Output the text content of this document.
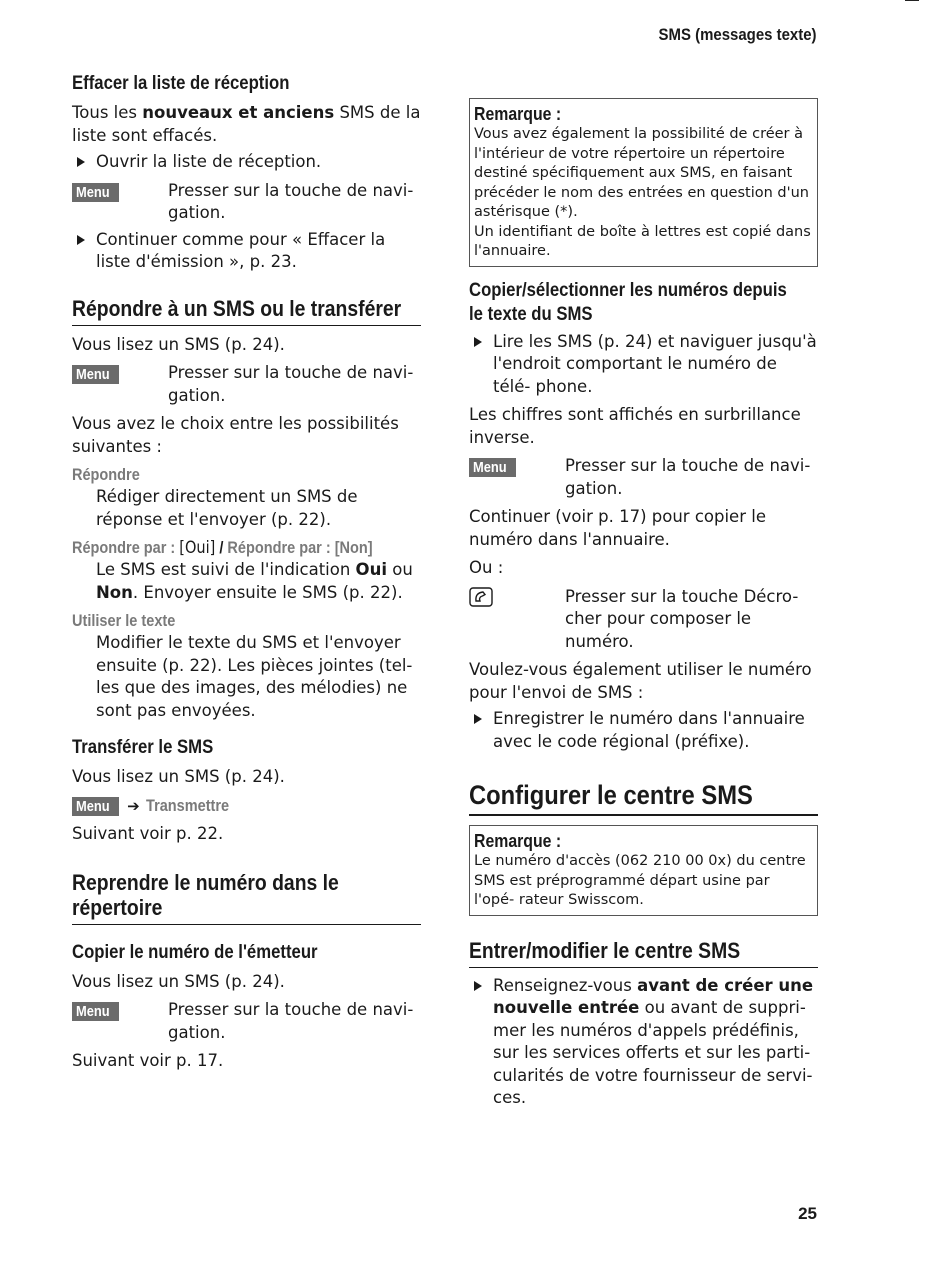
SMS (messages texte)
Effacer la liste de réception

Tous les nouveaux et anciens SMS de la liste sont effacés.

Ouvrir la liste de réception.
Menu	Presser sur la touche de navi- gation.
Continuer comme pour « Effacer la liste d'émission », p. 23.
Répondre à un SMS ou le transférer

Vous lisez un SMS (p. 24).

Menu	Presser sur la touche de navi- gation.

Vous avez le choix entre les possibilités suivantes :

Répondre

Rédiger directement un SMS de réponse et l'envoyer (p. 22).

Répondre par : [Oui] / Répondre par : [Non]

Le SMS est suivi de l'indication Oui ou Non. Envoyer ensuite le SMS (p. 22).

Utiliser le texte

Modifier le texte du SMS et l'envoyer ensuite (p. 22). Les pièces jointes (tel- les que des images, des mélodies) ne sont pas envoyées.

Transférer le SMS

Vous lisez un SMS (p. 24).

Menu ➔ Transmettre

Suivant voir p. 22.

Reprendre le numéro dans le répertoire
Copier le numéro de l'émetteur

Vous lisez un SMS (p. 24).

Menu	Presser sur la touche de navi- gation.

Suivant voir p. 17.

Remarque :

Vous avez également la possibilité de créer à l'intérieur de votre répertoire un répertoire destiné spécifiquement aux SMS, en faisant précéder le nom des entrées en question d'un astérisque (*).

Un identifiant de boîte à lettres est copié dans l'annuaire.

Copier/sélectionner les numéros depuis
le texte du SMS
Lire les SMS (p. 24) et naviguer jusqu'à l'endroit comportant le numéro de télé- phone.

Les chiffres sont affichés en surbrillance inverse.

Menu	Presser sur la touche de navi- gation.

Continuer (voir p. 17) pour copier le numéro dans l'annuaire.

Ou :

Presser sur la touche Décro- cher pour composer le numéro.

Voulez-vous également utiliser le numéro pour l'envoi de SMS :

Enregistrer le numéro dans l'annuaire avec le code régional (préfixe).
Configurer le centre SMS
Remarque :

Le numéro d'accès (062 210 00 0x) du centre SMS est préprogrammé départ usine par l'opé- rateur Swisscom.

Entrer/modifier le centre SMS
Renseignez-vous avant de créer une nouvelle entrée ou avant de suppri- mer les numéros d'appels prédéfinis, sur les services offerts et sur les parti- cularités de votre fournisseur de servi- ces.
25
